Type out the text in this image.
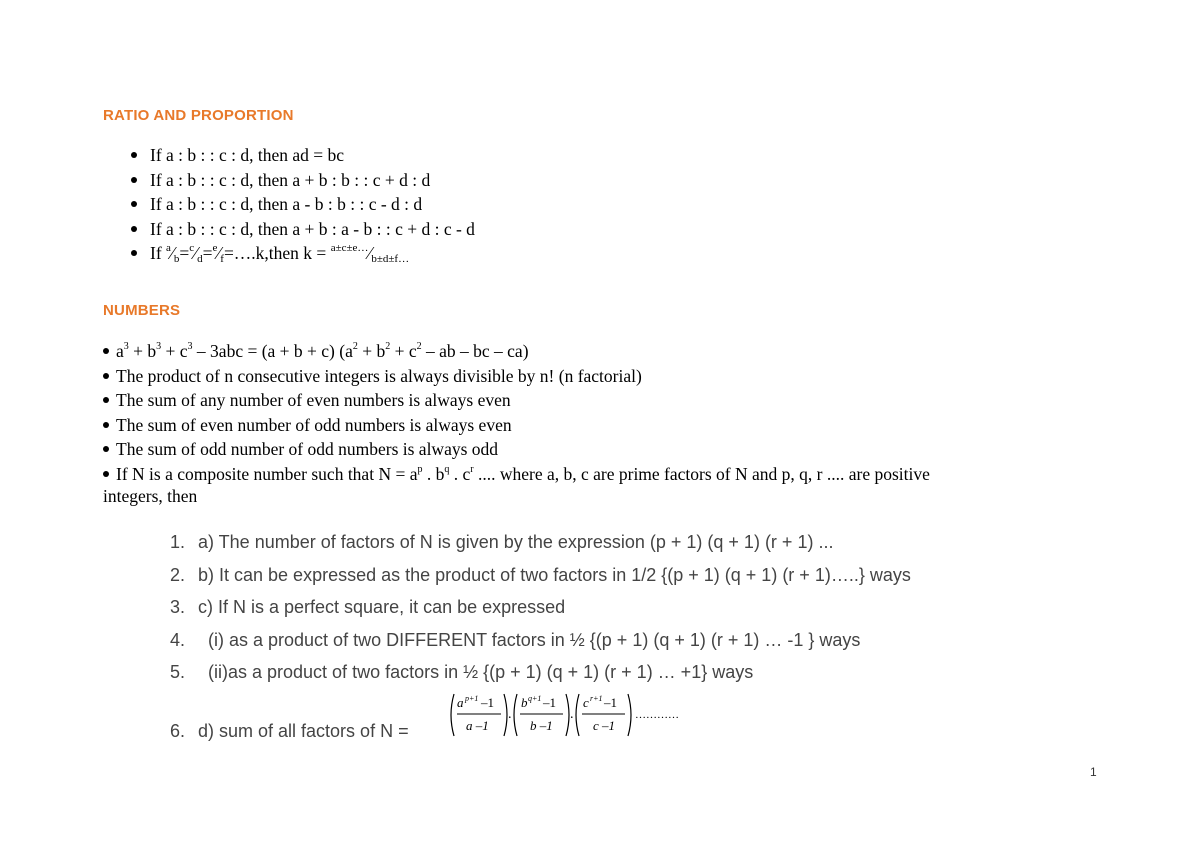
RATIO AND PROPORTION
If a : b : : c : d, then ad = bc
If a : b : : c : d, then a + b : b : : c + d : d
If a : b : : c : d, then a - b : b : : c - d : d
If a : b : : c : d, then a + b : a - b : : c + d : c - d
If $^a$⁄b=$^c$⁄d=$^e$⁄f=….k,then k = $^{a\pm c\pm e\dots}$⁄b±d±f…
NUMBERS
$a^3 + b^3 + c^3 - 3abc = (a + b + c) (a^2 + b^2 + c^2$ – ab – bc – ca)
The product of n consecutive integers is always divisible by n! (n factorial)
The sum of any number of even numbers is always even
The sum of even number of odd numbers is always even
The sum of odd number of odd numbers is always odd
If N is a composite number such that $N = a^p$ . $b^q$ . $c^r$ .... where a, b, c are prime factors of N and p, q, r .... are positive
integers, then
1. a) The number of factors of N is given by the expression (p + 1) (q + 1) (r + 1) ...
2. b) It can be expressed as the product of two factors in 1/2 {(p + 1) (q + 1) (r + 1)…..} ways
3. c) If N is a perfect square, it can be expressed
4.  (i) as a product of two DIFFERENT factors in ½ {(p + 1) (q + 1) (r + 1) … -1 } ways
5.  (ii)as a product of two factors in ½ {(p + 1) (q + 1) (r + 1) … +1} ways
6. d) sum of all factors of N =
a p+1 –1
a –1
.
b q+1 –1
b –1
.
c r+1 –1
c –1
…………
1
